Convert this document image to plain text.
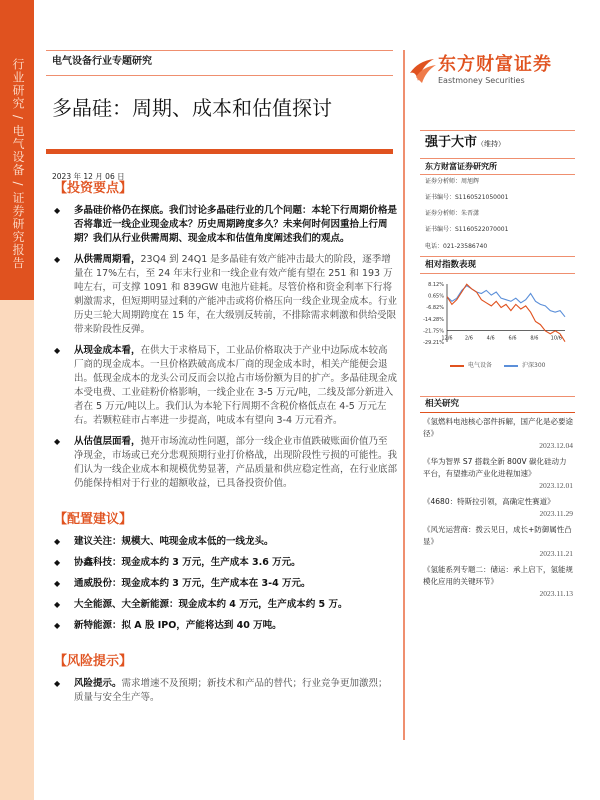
行业研究 / 电气设备 / 证券研究报告	电气设备行业专题研究
多晶硅：周期、成本和估值探讨
2023 年 12 月 06 日
东方财富证券
Eastmoney Securities
强于大市（维持）
东方财富证券研究所
证券分析师：周旭辉
证书编号：S1160521050001
证券分析师：朱晋潇
证书编号：S1160522070001
电话：021-23586740
相对指数表现
8.12%
0.65%
-6.82%
-14.28%
-21.75%
-29.21%
12/6 2/6	4/6	6/6	8/6 10/6
电气设备	沪深300
相关研究
《氢燃料电池核心部件拆解，国产化是必要途径》
2023.12.04
《华为智界 S7 搭载全新 800V 碳化硅动力平台，有望推动产业化进程加速》
2023.12.01
《4680：特斯拉引领，高确定性赛道》
2023.11.29
《风光运营商：拨云见日，成长+防御属性凸显》
2023.11.21
《氢能系列专题二：储运：承上启下，氢能规模化应用的关键环节》
2023.11.13
【投资要点】
◆ 多晶硅价格仍在探底。我们讨论多晶硅行业的几个问题：本轮下行周期价格是否将靠近一线企业现金成本？历史周期跨度多久？未来何时何因重拾上行周期？我们从行业供需周期、现金成本和估值角度阐述我们的观点。
◆ 从供需周期看，23Q4 到 24Q1 是多晶硅有效产能冲击最大的阶段，逐季增量在 17%左右，至 24 年末行业和一线企业有效产能有望在 251 和 193 万吨左右，可支撑 1091 和 839GW 电池片硅耗。尽管价格和资金利率下行将刺激需求，但短期明显过剩的产能冲击或将价格压向一线企业现金成本。行业历史三轮大周期跨度在 15 年，在大级别反转前，不排除需求刺激和供给受限带来阶段性反弹。
◆ 从现金成本看，在供大于求格局下，工业品价格取决于产业中边际成本较高厂商的现金成本。一旦价格跌破高成本厂商的现金成本时，相关产能便会退出。低现金成本的龙头公司反而会以抢占市场份额为目的扩产。多晶硅现金成本受电费、工业硅粉价格影响，一线企业在 3-5 万元/吨，二线及部分新进入者在 5 万元/吨以上。我们认为本轮下行周期不含税价格低点在 4-5 万元左右。若颗粒硅市占率进一步提高，吨成本有望向 3-4 万元看齐。
◆ 从估值层面看，抛开市场流动性问题，部分一线企业市值跌破账面价值乃至净现金，市场或已充分悲观预期行业打价格战，出现阶段性亏损的可能性。我们认为一线企业成本和规模优势显著，产品质量和供应稳定性高，在行业底部仍能保持相对于行业的超额收益，已具备投资价值。
【配置建议】
◆ 建议关注：规模大、吨现金成本低的一线龙头。
◆ 协鑫科技：现金成本约 3 万元，生产成本 3.6 万元。
◆ 通威股份：现金成本约 3 万元，生产成本在 3-4 万元。
◆ 大全能源、大全新能源：现金成本约 4 万元，生产成本约 5 万。
◆ 新特能源：拟 A 股 IPO，产能将达到 40 万吨。
【风险提示】
◆ 风险提示。需求增速不及预期；新技术和产品的替代；行业竞争更加激烈；质量与安全生产等。
